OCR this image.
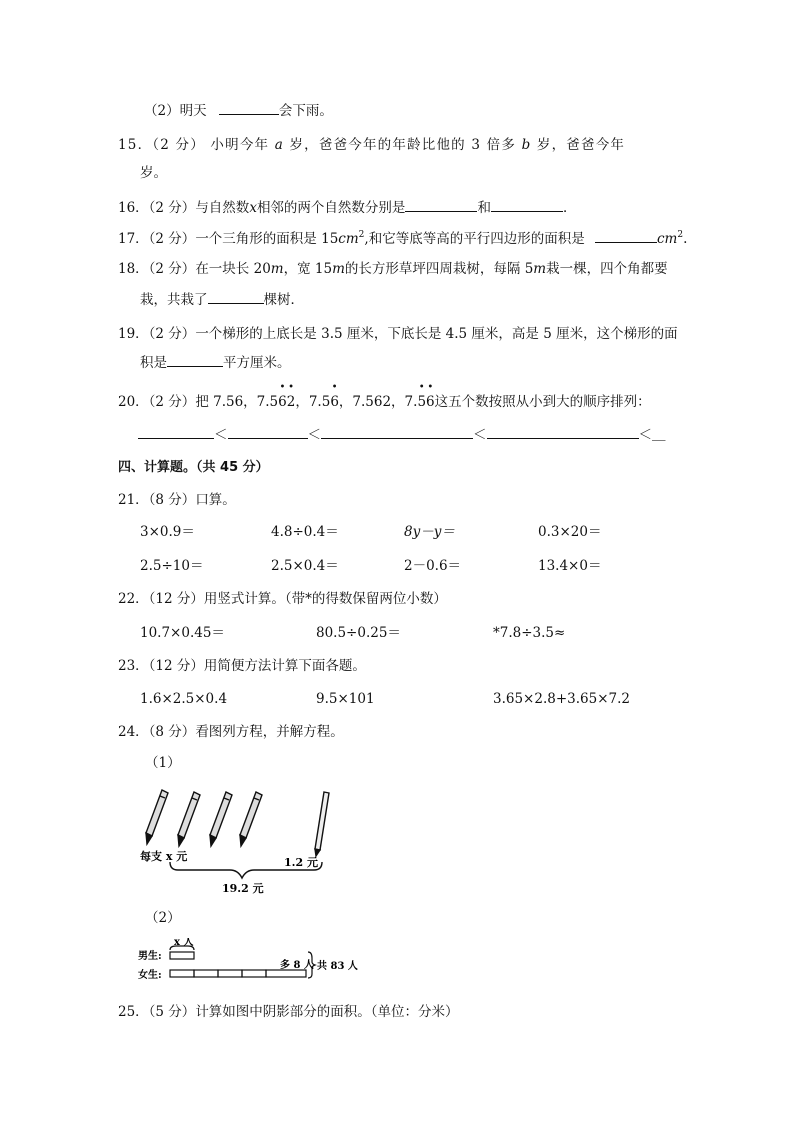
（2）明天	会下雨。
15．（2 分） 小明今年 a 岁，爸爸今年的年龄比他的 3 倍多 b 岁，爸爸今年
岁。
16．（2 分）与自然数x相邻的两个自然数分别是	和	．
17．（2 分）一个三角形的面积是 $15cm^2$,和它等底等高的平行四边形的面积是	$cm^2$.
18．（2 分）在一块长 20m，宽 15m的长方形草坪四周栽树，每隔 5m栽一棵，四个角都要
栽，共栽了	棵树．
19．（2 分）一个梯形的上底长是 3.5 厘米，下底长是 4.5 厘米，高是 5 厘米，这个梯形的面
积是	平方厘米。
20．（2 分）把 7.56，7.5
•
6
•
2，7.5
•
6，7.562，7.
•
5
•
6这五个数按照从小到大的顺序排列：
＜	＜	＜	＜＿
四、计算题。（共 45 分）
21．（8 分）口算。
3×0.9＝	4.8÷0.4＝	8y－y＝	0.3×20＝
2.5÷10＝	2.5×0.4＝	2－0.6＝	13.4×0＝
22．（12 分）用竖式计算。（带*的得数保留两位小数）
10.7×0.45＝	80.5÷0.25＝	*7.8÷3.5≈
23．（12 分）用简便方法计算下面各题。
1.6×2.5×0.4	9.5×101	3.65×2.8+3.65×7.2
24．（8 分）看图列方程，并解方程。
（1）
每支 x 元	1.2 元
19.2 元
（2）
x 人
男生:
女生:
多 8 人 共 83 人
25．（5 分）计算如图中阴影部分的面积。（单位：分米）
